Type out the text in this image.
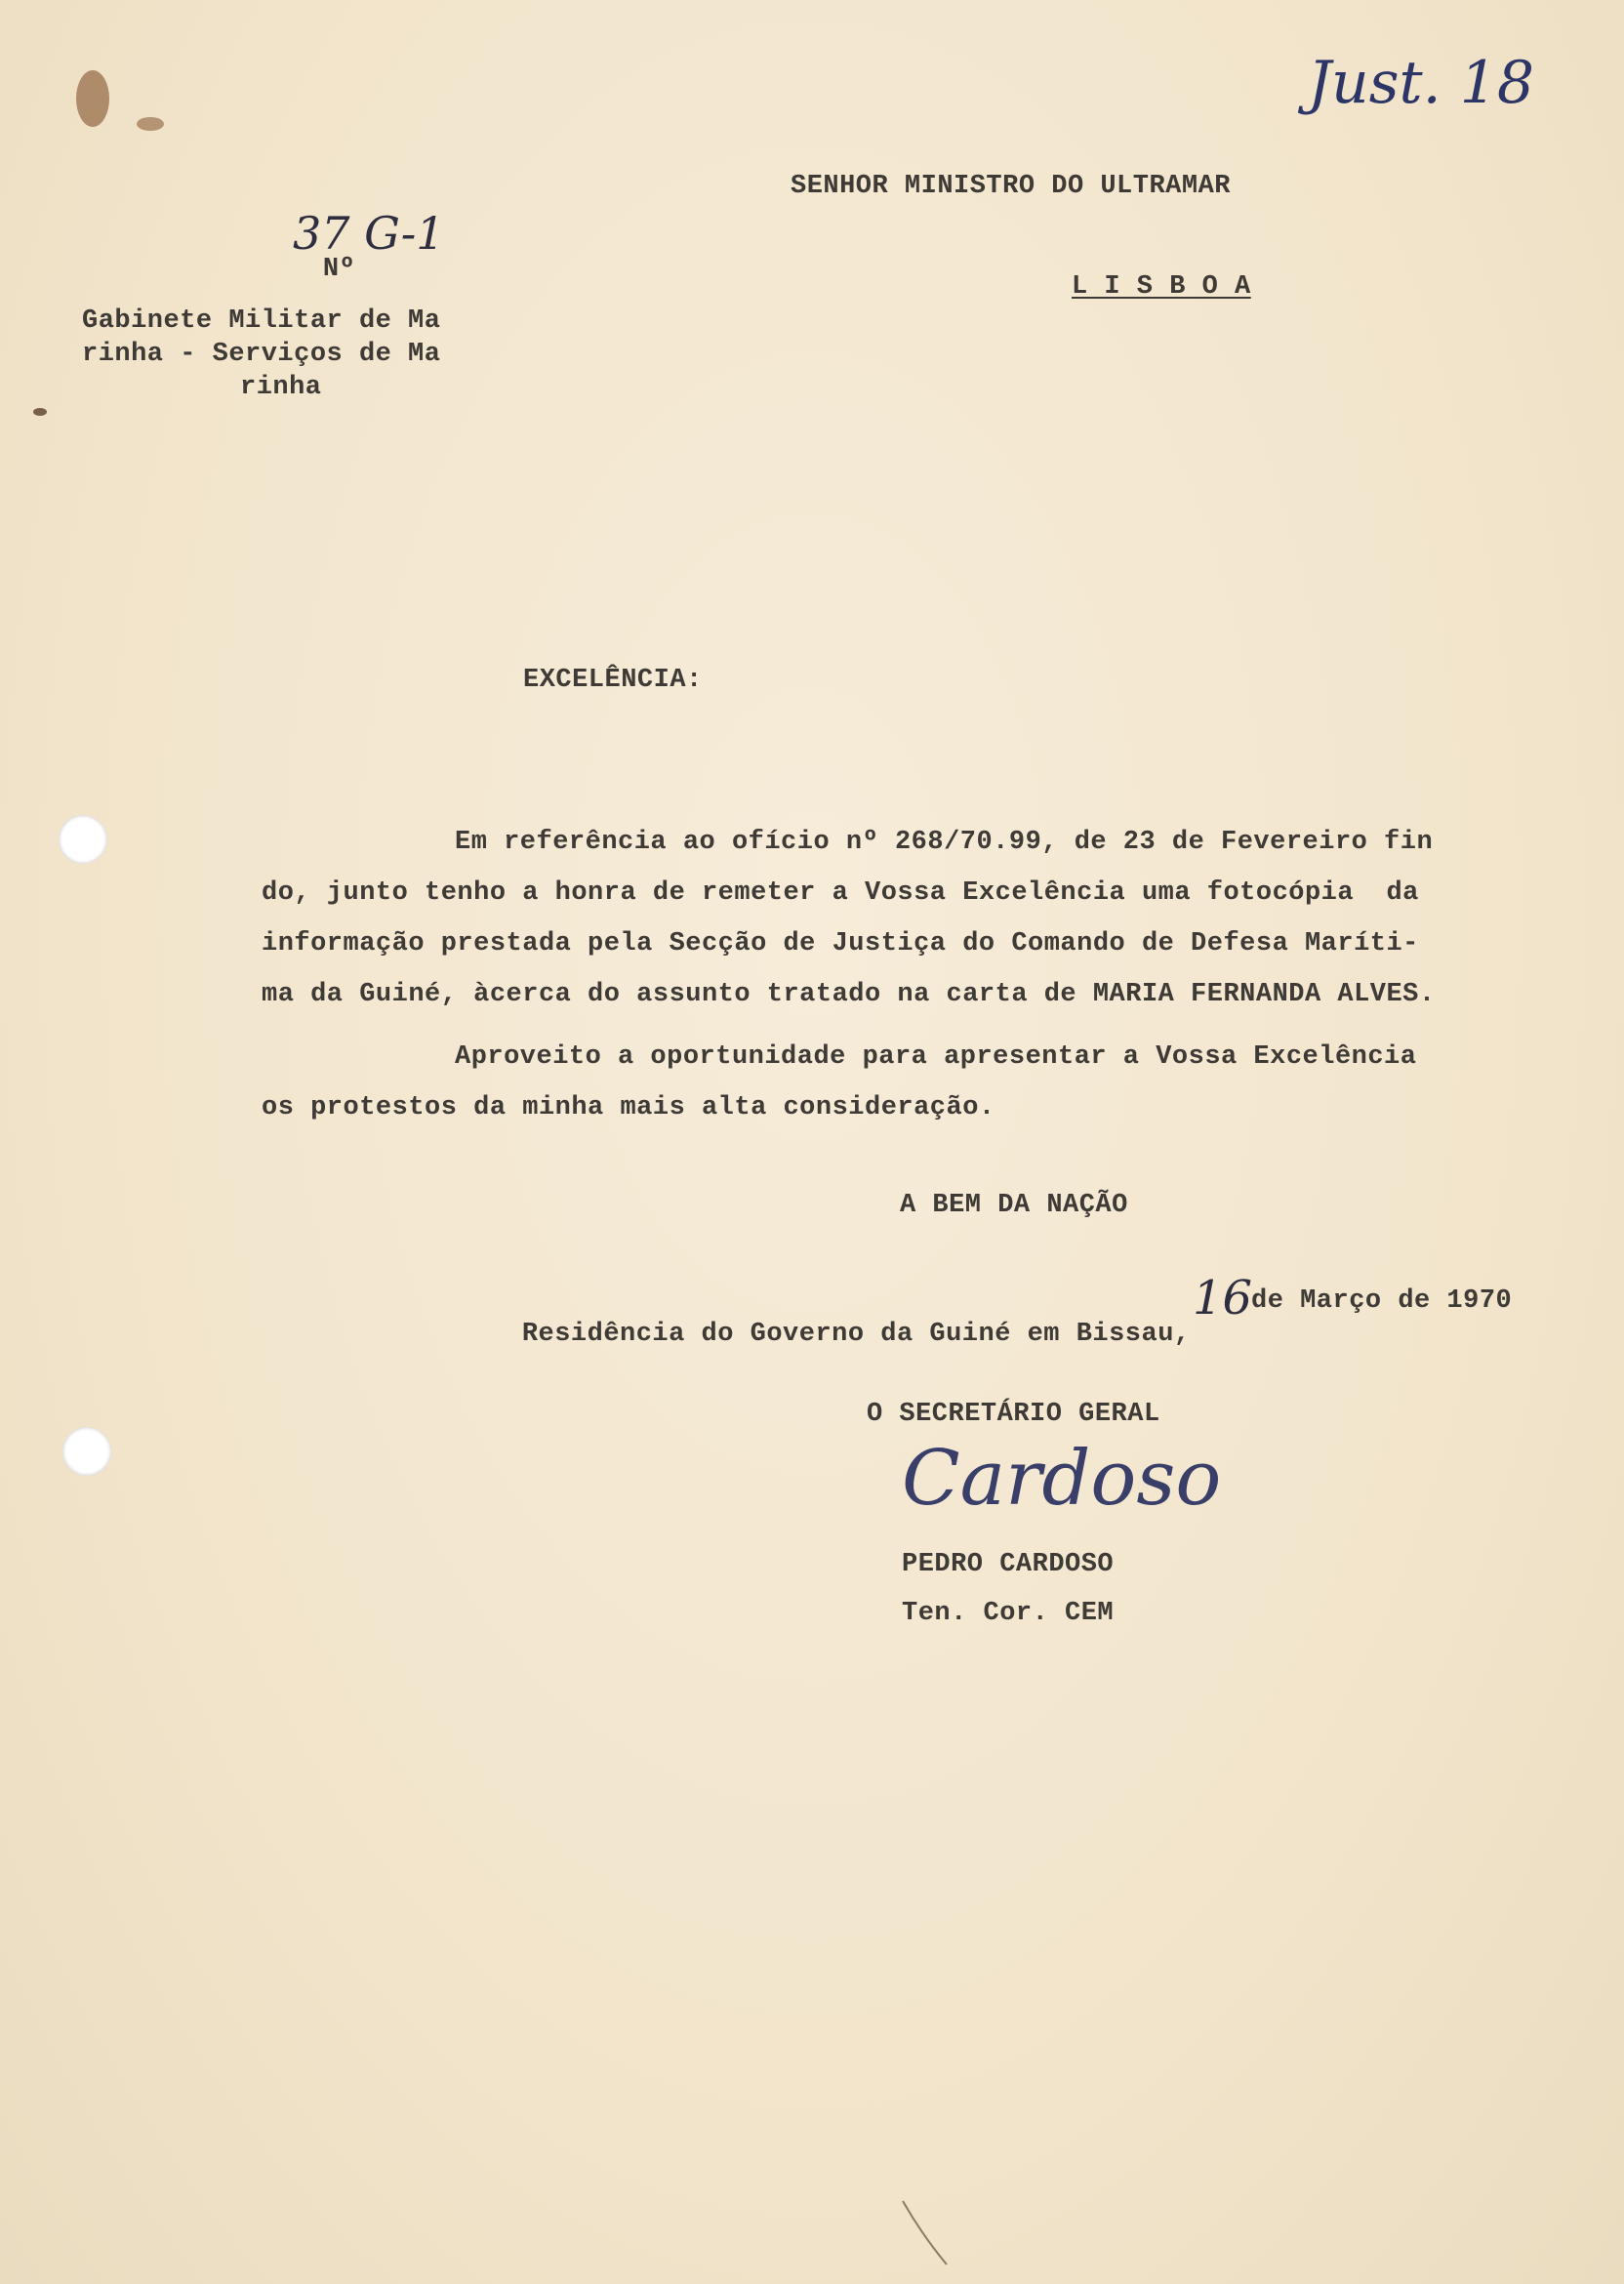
Just. 18

Nº

37 G-1
SENHOR MINISTRO DO ULTRAMAR
L I S B O A
Gabinete Militar de Ma
rinha - Serviços de Ma
rinha
EXCELÊNCIA:
Em referência ao ofício nº 268/70.99, de 23 de Fevereiro fin
do, junto tenho a honra de remeter a Vossa Excelência uma fotocópia  da
informação prestada pela Secção de Justiça do Comando de Defesa Maríti-
ma da Guiné, àcerca do assunto tratado na carta de MARIA FERNANDA ALVES.
Aproveito a oportunidade para apresentar a Vossa Excelência
os protestos da minha mais alta consideração.
A BEM DA NAÇÃO

Residência do Governo da Guiné em Bissau,

16
de Março de 1970
O SECRETÁRIO GERAL
Cardoso
PEDRO CARDOSO
Ten. Cor. CEM
